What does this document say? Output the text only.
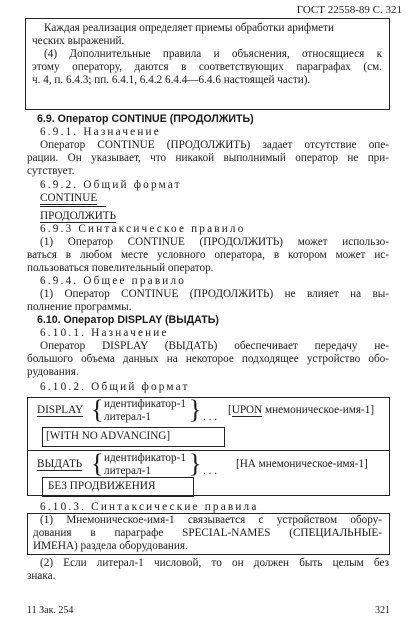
ГОСТ 22558-89 С. 321
Каждая реализация определяет приемы обработки арифмети
ческих выражений.
(4) Дополнительные правила и объяснения, относящиеся к
этому оператору, даются в соответствующих параграфах (см.
ч. 4, п. 6.4.3; пп. 6.4.1, 6.4.2 6.4.4—6.4.6 настоящей части).
6.9. Оператор CONTINUE (ПРОДОЛЖИТЬ)
6.9.1. Назначение
Оператор CONTINUE (ПРОДОЛЖИТЬ) задает отсутствие опе-
рации. Он указывает, что никакой выполнимый оператор не при-
сутствует.
6.9.2. Общий формат
CONTINUE
ПРОДОЛЖИТЬ
6.9.3 Синтаксическое правило
(1) Оператор CONTINUE (ПРОДОЛЖИТЬ) может использо-
ваться в любом месте условного оператора, в котором может ис-
пользоваться повелительный оператор.
6.9.4. Общее правило
(1) Оператор CONTINUE (ПРОДОЛЖИТЬ) не влияет на вы-
полнение программы.
6.10. Оператор DISPLAY (ВЫДАТЬ)
6.10.1. Назначение
Оператор DISPLAY (ВЫДАТЬ) обеспечивает передачу не-
большого объема данных на некоторое подходящее устройство обо-
рудования.
6.10.2. Общий формат
DISPLAY { идентификатор-1
литерал-1 } . . .
[UPON мнемоническое-имя-1]
[WITH NO ADVANCING]
ВЫДАТЬ { идентификатор-1
литерал-1 } . . .
[НА мнемоническое-имя-1]
БЕЗ ПРОДВИЖЕНИЯ
6.10.3. Синтаксические правила
(1) Мнемоническое-имя-1 связывается с устройством обору-
дования в параграфе SPECIAL-NAMES (СПЕЦИАЛЬНЫЕ-
ИМЕНА) раздела оборудования.
(2) Если литерал-1 числовой, то он должен быть целым без
знака.
11 Зак. 254	321
